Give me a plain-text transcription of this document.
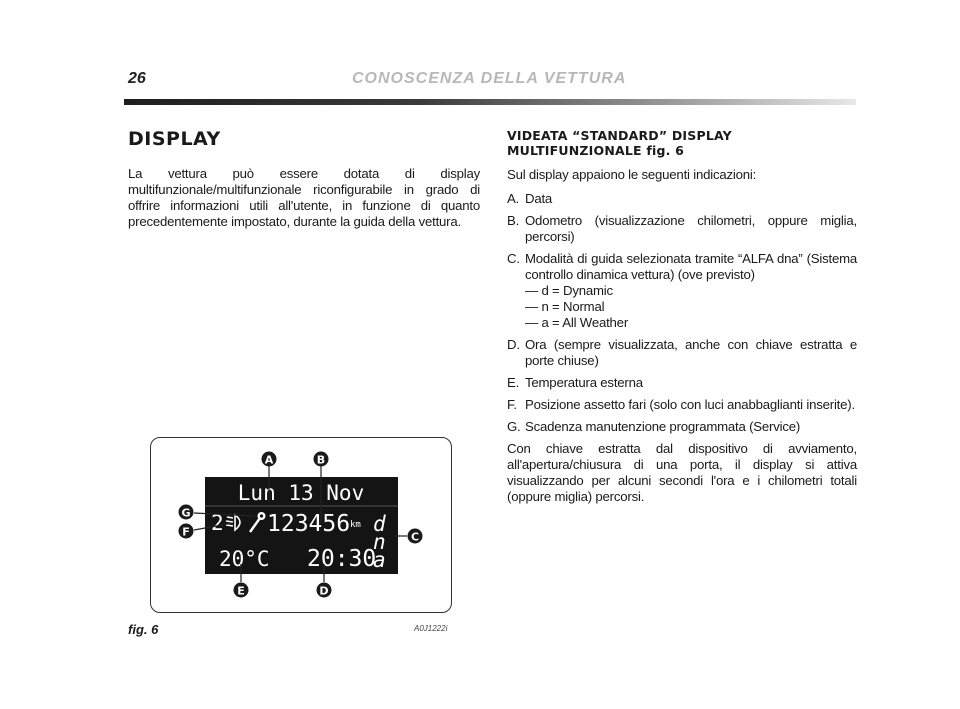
26	CONOSCENZA DELLA VETTURA
DISPLAY

La vettura può essere dotata di display multifunzionale/multifunzionale riconfigurabile in grado di offrire informazioni utili all'utente, in funzione di quanto precedentemente impostato, durante la guida della vettura.

VIDEATA “STANDARD” DISPLAY
MULTIFUNZIONALE fig. 6

Sul display appaiono le seguenti indicazioni:

A. Data
B. Odometro (visualizzazione chilometri, oppure miglia, percorsi)
C. Modalità di guida selezionata tramite “ALFA dna” (Sistema controllo dinamica vettura) (ove previsto)
— d = Dynamic
— n = Normal
— a = All Weather
D. Ora (sempre visualizzata, anche con chiave estratta e porte chiuse)
E. Temperatura esterna
F. Posizione assetto fari (solo con luci anabbaglianti inserite).
G. Scadenza manutenzione programmata (Service)

Con chiave estratta dal dispositivo di avviamento, all'apertura/chiusura di una porta, il display si attiva visualizzando per alcuni secondi l'ora e i chilometri totali (oppure miglia) percorsi.

Lun 13 Nov
2 123456 km d
n
a
20°C 20:30
A	B
C
D
E
F
G
fig. 6	A0J1222i
